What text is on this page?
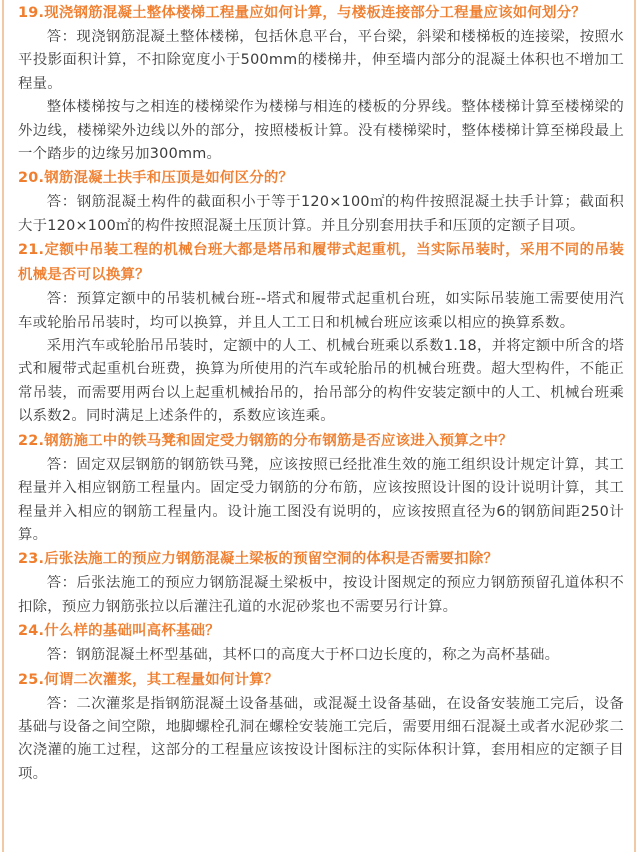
19.现浇钢筋混凝土整体楼梯工程量应如何计算，与楼板连接部分工程量应该如何划分？

答：现浇钢筋混凝土整体楼梯，包括休息平台，平台梁，斜梁和楼梯板的连接梁，按照水平投影面积计算，不扣除宽度小于500mm的楼梯井，伸至墙内部分的混凝土体积也不增加工程量。

整体楼梯按与之相连的楼梯梁作为楼梯与相连的楼板的分界线。整体楼梯计算至楼梯梁的外边线，楼梯梁外边线以外的部分，按照楼板计算。没有楼梯梁时，整体楼梯计算至梯段最上一个踏步的边缘另加300mm。

20.钢筋混凝土扶手和压顶是如何区分的？

答：钢筋混凝土构件的截面积小于等于120×100㎡的构件按照混凝土扶手计算；截面积大于120×100㎡的构件按照混凝土压顶计算。并且分别套用扶手和压顶的定额子目项。

21.定额中吊装工程的机械台班大都是塔吊和履带式起重机，当实际吊装时，采用不同的吊装机械是否可以换算？

答：预算定额中的吊装机械台班--塔式和履带式起重机台班，如实际吊装施工需要使用汽车或轮胎吊吊装时，均可以换算，并且人工工日和机械台班应该乘以相应的换算系数。

采用汽车或轮胎吊吊装时，定额中的人工、机械台班乘以系数1.18，并将定额中所含的塔式和履带式起重机台班费，换算为所使用的汽车或轮胎吊的机械台班费。超大型构件，不能正常吊装，而需要用两台以上起重机械抬吊的，抬吊部分的构件安装定额中的人工、机械台班乘以系数2。同时满足上述条件的，系数应该连乘。

22.钢筋施工中的铁马凳和固定受力钢筋的分布钢筋是否应该进入预算之中？

答：固定双层钢筋的钢筋铁马凳，应该按照已经批准生效的施工组织设计规定计算，其工程量并入相应钢筋工程量内。固定受力钢筋的分布筋，应该按照设计图的设计说明计算，其工程量并入相应的钢筋工程量内。设计施工图没有说明的，应该按照直径为6的钢筋间距250计算。

23.后张法施工的预应力钢筋混凝土梁板的预留空洞的体积是否需要扣除？

答：后张法施工的预应力钢筋混凝土梁板中，按设计图规定的预应力钢筋预留孔道体积不扣除，预应力钢筋张拉以后灌注孔道的水泥砂浆也不需要另行计算。

24.什么样的基础叫高杯基础？

答：钢筋混凝土杯型基础，其杯口的高度大于杯口边长度的，称之为高杯基础。

25.何谓二次灌浆，其工程量如何计算？

答：二次灌浆是指钢筋混凝土设备基础，或混凝土设备基础，在设备安装施工完后，设备基础与设备之间空隙，地脚螺栓孔洞在螺栓安装施工完后，需要用细石混凝土或者水泥砂浆二次浇灌的施工过程，这部分的工程量应该按设计图标注的实际体积计算，套用相应的定额子目项。
